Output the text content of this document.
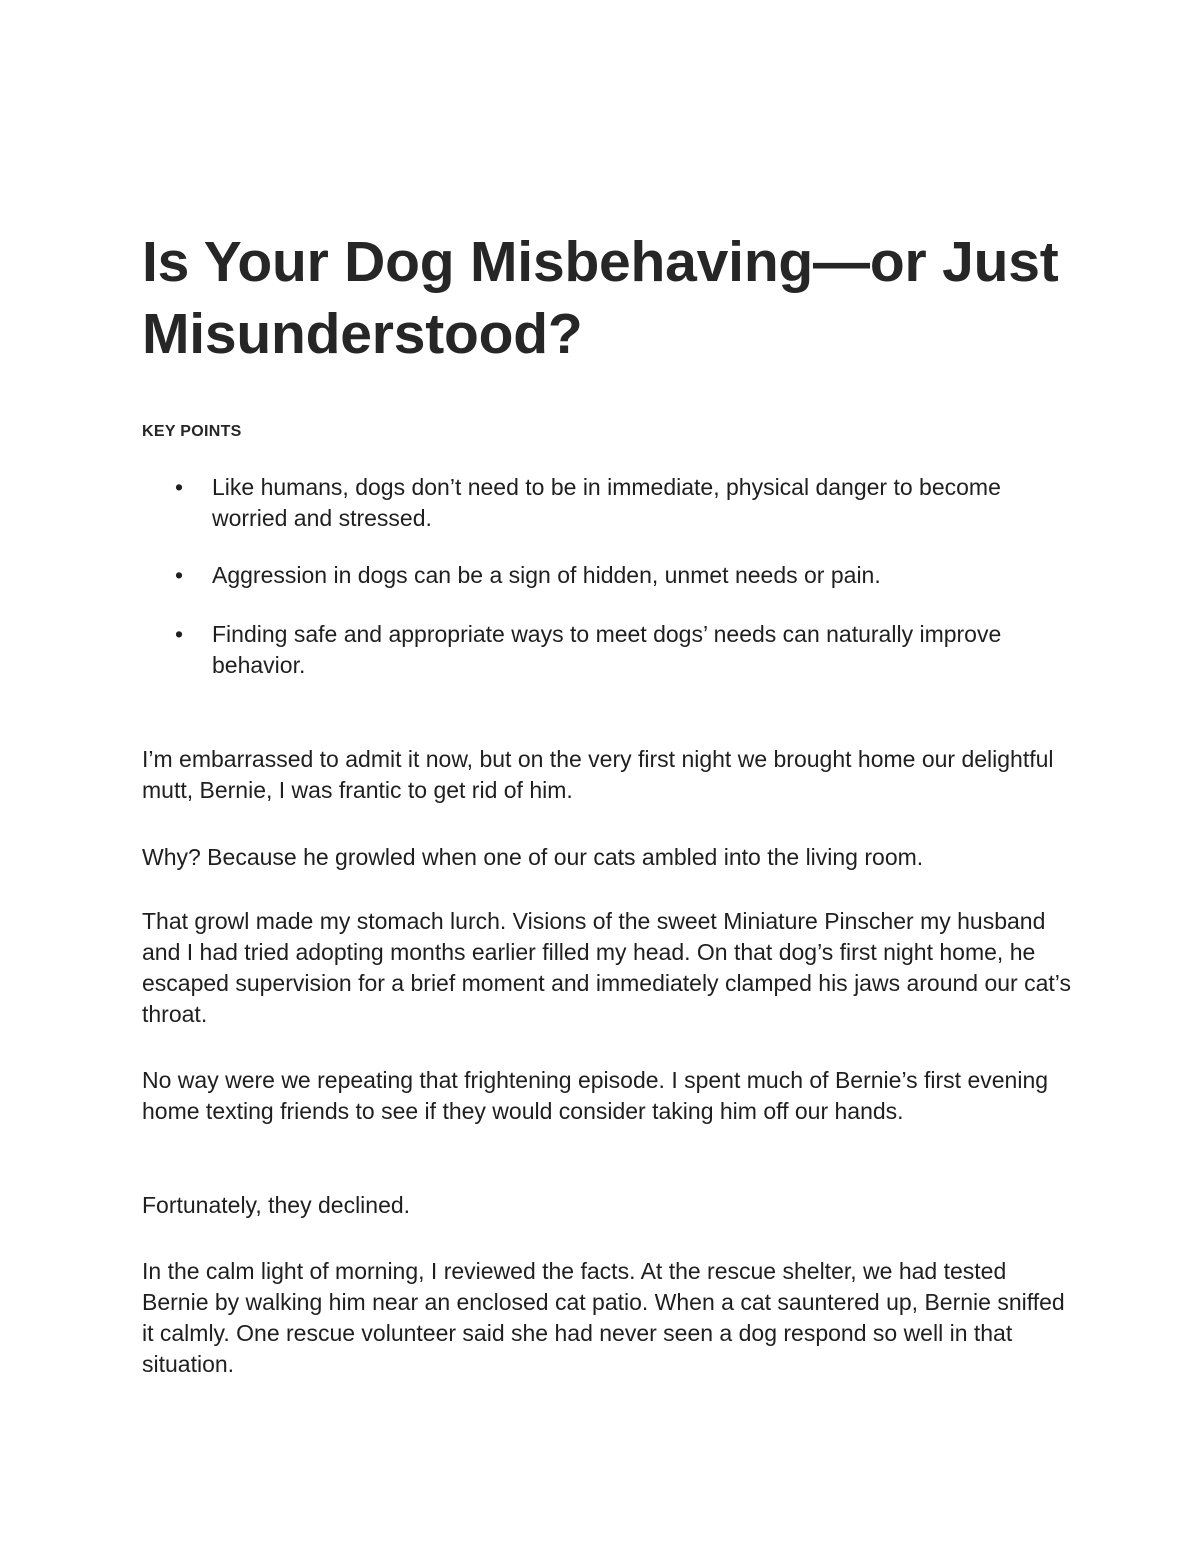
Is Your Dog Misbehaving—or Just Misunderstood?
KEY POINTS
• Like humans, dogs don’t need to be in immediate, physical danger to become worried and stressed.
• Aggression in dogs can be a sign of hidden, unmet needs or pain.
• Finding safe and appropriate ways to meet dogs’ needs can naturally improve behavior.

I’m embarrassed to admit it now, but on the very first night we brought home our delightful mutt, Bernie, I was frantic to get rid of him.

Why? Because he growled when one of our cats ambled into the living room.

That growl made my stomach lurch. Visions of the sweet Miniature Pinscher my husband and I had tried adopting months earlier filled my head. On that dog’s first night home, he escaped supervision for a brief moment and immediately clamped his jaws around our cat’s throat.

No way were we repeating that frightening episode. I spent much of Bernie’s first evening home texting friends to see if they would consider taking him off our hands.

Fortunately, they declined.

In the calm light of morning, I reviewed the facts. At the rescue shelter, we had tested Bernie by walking him near an enclosed cat patio. When a cat sauntered up, Bernie sniffed it calmly. One rescue volunteer said she had never seen a dog respond so well in that situation.
